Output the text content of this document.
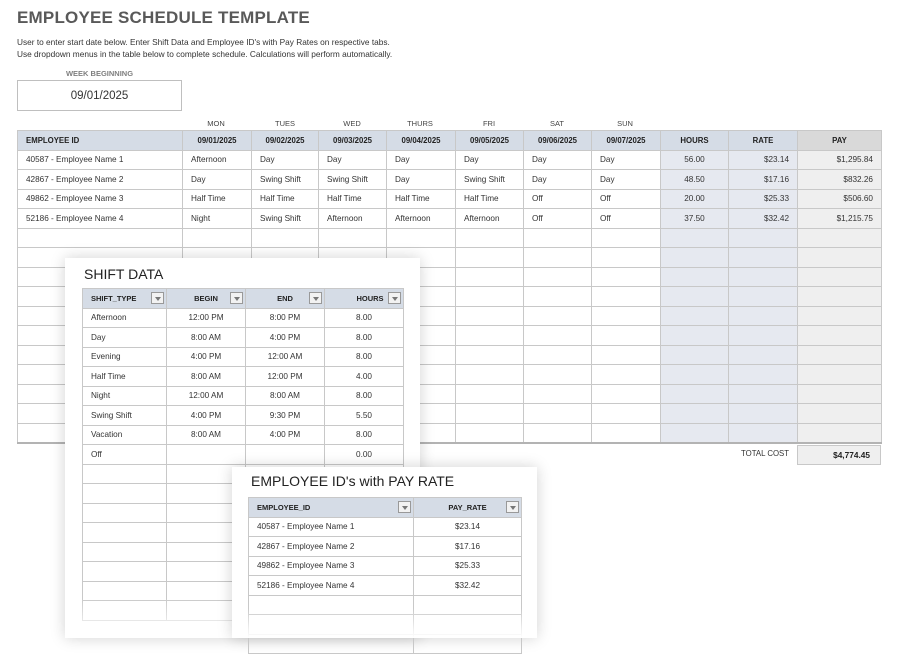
EMPLOYEE SCHEDULE TEMPLATE
User to enter start date below. Enter Shift Data and Employee ID's with Pay Rates on respective tabs.
Use dropdown menus in the table below to complete schedule. Calculations will perform automatically.
WEEK BEGINNING
09/01/2025
MON	TUES	WED	THURS	FRI	SAT	SUN
EMPLOYEE ID	09/01/2025	09/02/2025	09/03/2025	09/04/2025	09/05/2025	09/06/2025	09/07/2025	HOURS	RATE	PAY
40587 - Employee Name 1	Afternoon	Day	Day	Day	Day	Day	Day	56.00	$23.14	$1,295.84
42867 - Employee Name 2	Day	Swing Shift	Swing Shift	Day	Swing Shift	Day	Day	48.50	$17.16	$832.26
49862 - Employee Name 3	Half Time	Half Time	Half Time	Half Time	Half Time	Off	Off	20.00	$25.33	$506.60
52186 - Employee Name 4	Night	Swing Shift	Afternoon	Afternoon	Afternoon	Off	Off	37.50	$32.42	$1,215.75

TOTAL COST	$4,774.45
SHIFT DATA
SHIFT_TYPE	BEGIN	END	HOURS

Afternoon	12:00 PM	8:00 PM	8.00
Day	8:00 AM	4:00 PM	8.00
Evening	4:00 PM	12:00 AM	8.00
Half Time	8:00 AM	12:00 PM	4.00
Night	12:00 AM	8:00 AM	8.00
Swing Shift	4:00 PM	9:30 PM	5.50
Vacation	8:00 AM	4:00 PM	8.00
Off			0.00

EMPLOYEE ID's with PAY RATE
EMPLOYEE_ID	PAY_RATE

40587 - Employee Name 1	$23.14
42867 - Employee Name 2	$17.16
49862 - Employee Name 3	$25.33
52186 - Employee Name 4	$32.42
